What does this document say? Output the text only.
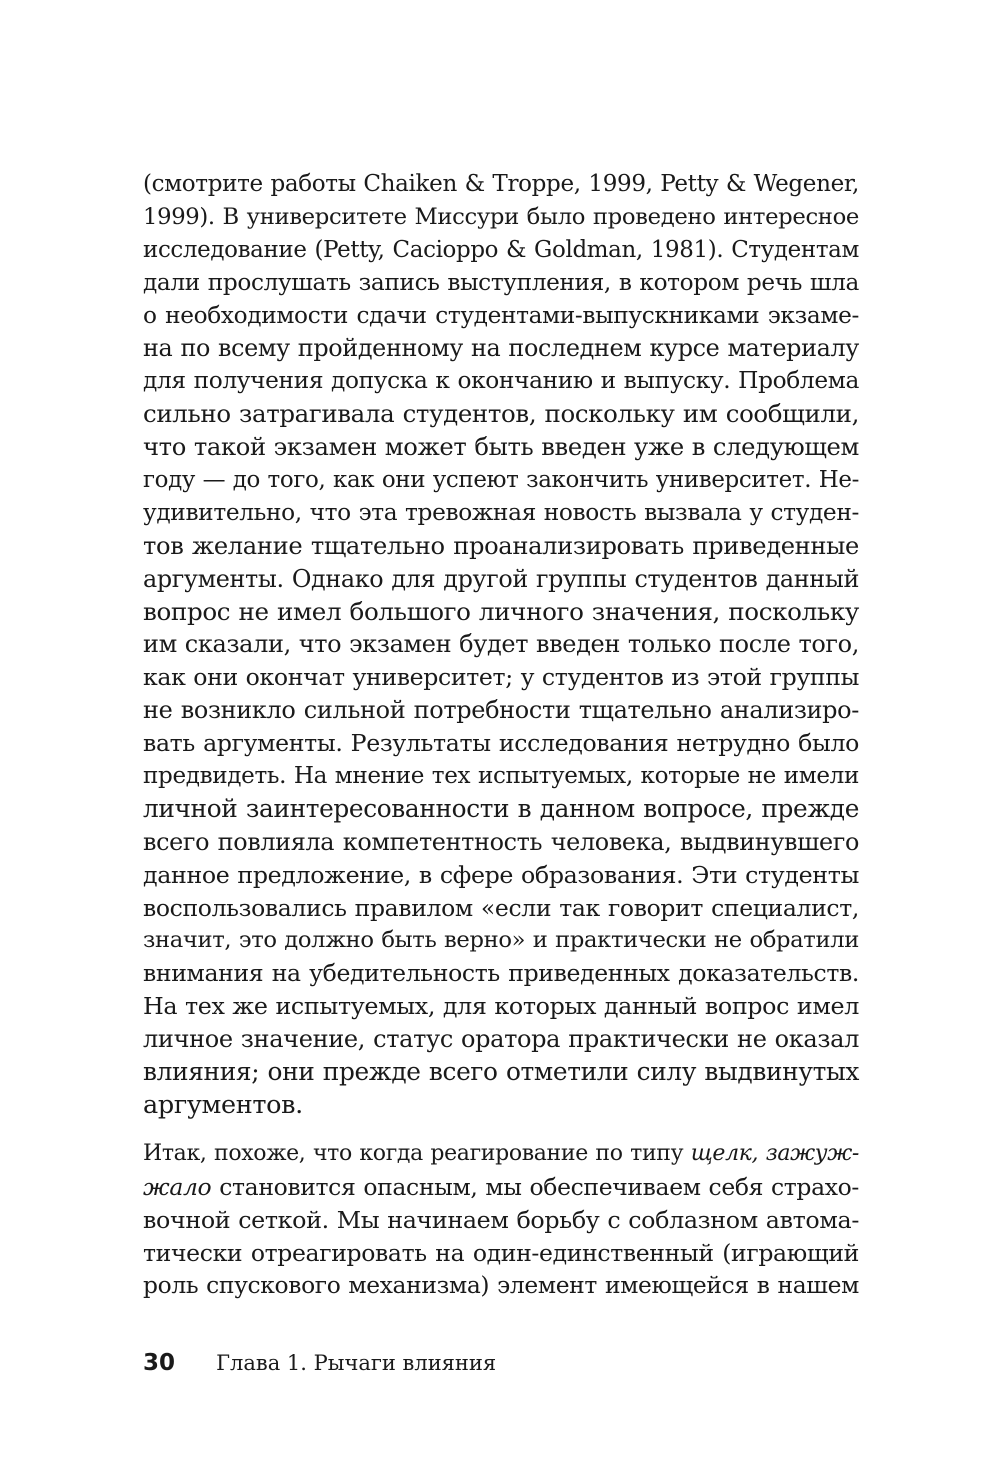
(смотрите работы Chaiken & Troppe, 1999, Petty & Wegener,
1999). В университете Миссури было проведено интересное
исследование (Petty, Cacioppo & Goldman, 1981). Студентам
дали прослушать запись выступления, в котором речь шла
о необходимости сдачи студентами-выпускниками экзаме-
на по всему пройденному на последнем курсе материалу
для получения допуска к окончанию и выпуску. Проблема
сильно затрагивала студентов, поскольку им сообщили,
что такой экзамен может быть введен уже в следующем
году — до того, как они успеют закончить университет. Не-
удивительно, что эта тревожная новость вызвала у студен-
тов желание тщательно проанализировать приведенные
аргументы. Однако для другой группы студентов данный
вопрос не имел большого личного значения, поскольку
им сказали, что экзамен будет введен только после того,
как они окончат университет; у студентов из этой группы
не возникло сильной потребности тщательно анализиро-
вать аргументы. Результаты исследования нетрудно было
предвидеть. На мнение тех испытуемых, которые не имели
личной заинтересованности в данном вопросе, прежде
всего повлияла компетентность человека, выдвинувшего
данное предложение, в сфере образования. Эти студенты
воспользовались правилом «если так говорит специалист,
значит, это должно быть верно» и практически не обратили
внимания на убедительность приведенных доказательств.
На тех же испытуемых, для которых данный вопрос имел
личное значение, статус оратора практически не оказал
влияния; они прежде всего отметили силу выдвинутых
аргументов.
Итак, похоже, что когда реагирование по типу щелк, зажуж-
жало становится опасным, мы обеспечиваем себя страхо-
вочной сеткой. Мы начинаем борьбу с соблазном автома-
тически отреагировать на один-единственный (играющий
роль спускового механизма) элемент имеющейся в нашем
30 Глава 1. Рычаги влияния
